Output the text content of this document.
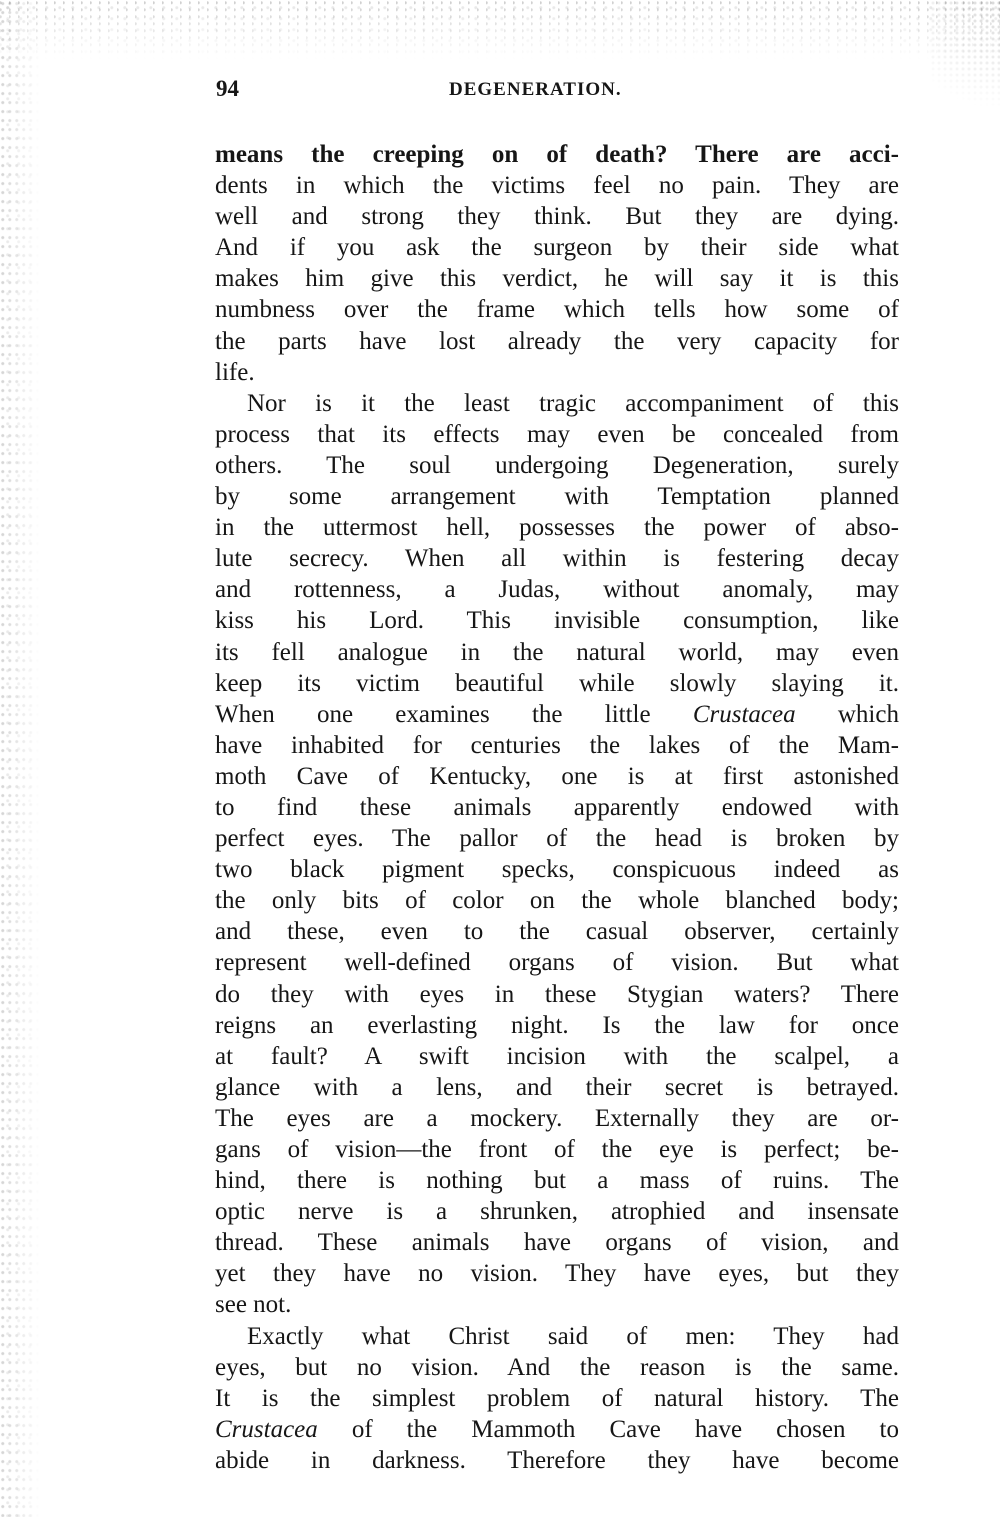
94	DEGENERATION.
means the creeping on of death? There are acci-
dents in which the victims feel no pain. They are
well and strong they think. But they are dying.
And if you ask the surgeon by their side what
makes him give this verdict, he will say it is this
numbness over the frame which tells how some of
the parts have lost already the very capacity for
life.
Nor is it the least tragic accompaniment of this
process that its effects may even be concealed from
others. The soul undergoing Degeneration, surely
by some arrangement with Temptation planned
in the uttermost hell, possesses the power of abso-
lute secrecy. When all within is festering decay
and rottenness, a Judas, without anomaly, may
kiss his Lord. This invisible consumption, like
its fell analogue in the natural world, may even
keep its victim beautiful while slowly slaying it.
When one examines the little Crustacea which
have inhabited for centuries the lakes of the Mam-
moth Cave of Kentucky, one is at first astonished
to find these animals apparently endowed with
perfect eyes. The pallor of the head is broken by
two black pigment specks, conspicuous indeed as
the only bits of color on the whole blanched body;
and these, even to the casual observer, certainly
represent well-defined organs of vision. But what
do they with eyes in these Stygian waters? There
reigns an everlasting night. Is the law for once
at fault? A swift incision with the scalpel, a
glance with a lens, and their secret is betrayed.
The eyes are a mockery. Externally they are or-
gans of vision—the front of the eye is perfect; be-
hind, there is nothing but a mass of ruins. The
optic nerve is a shrunken, atrophied and insensate
thread. These animals have organs of vision, and
yet they have no vision. They have eyes, but they
see not.
Exactly what Christ said of men: They had
eyes, but no vision. And the reason is the same.
It is the simplest problem of natural history. The
Crustacea of the Mammoth Cave have chosen to
abide in darkness. Therefore they have become
